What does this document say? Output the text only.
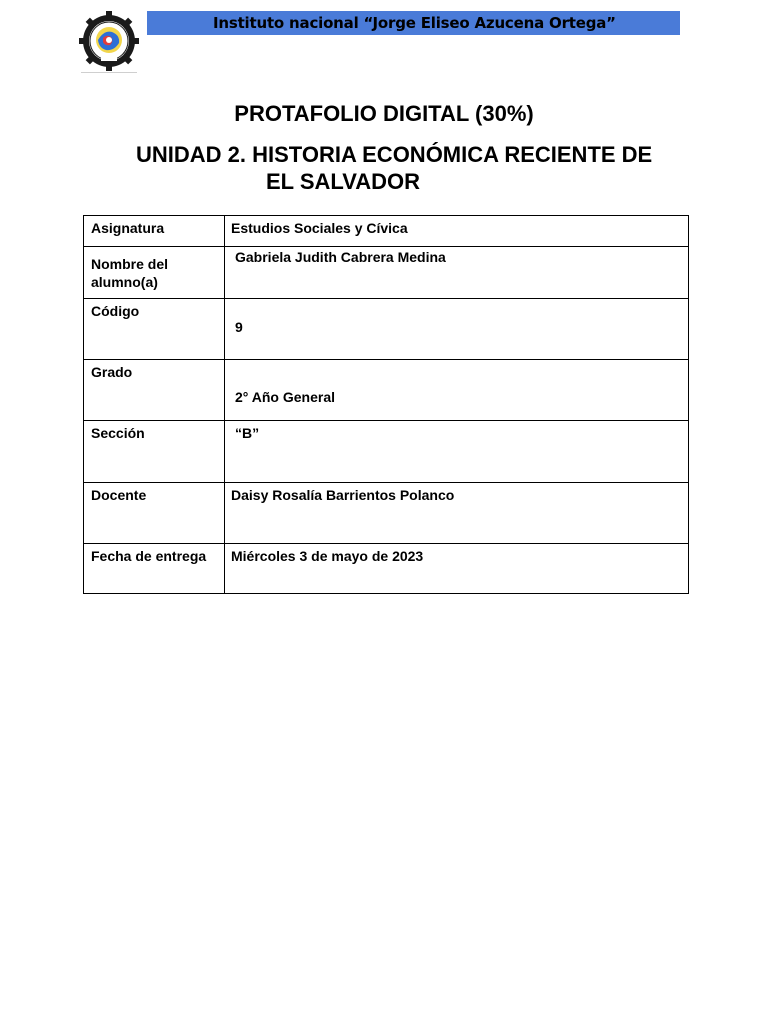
Instituto nacional “Jorge Eliseo Azucena Ortega”
PROTAFOLIO DIGITAL (30%)
UNIDAD 2. HISTORIA ECONÓMICA RECIENTE DE
EL SALVADOR
Asignatura	Estudios Sociales y Cívica

Nombre del alumno(a)	Gabriela Judith Cabrera Medina

Código	9

Grado	2° Año General

Sección	“B”

Docente	Daisy Rosalía Barrientos Polanco

Fecha de entrega	Miércoles 3 de mayo de 2023
